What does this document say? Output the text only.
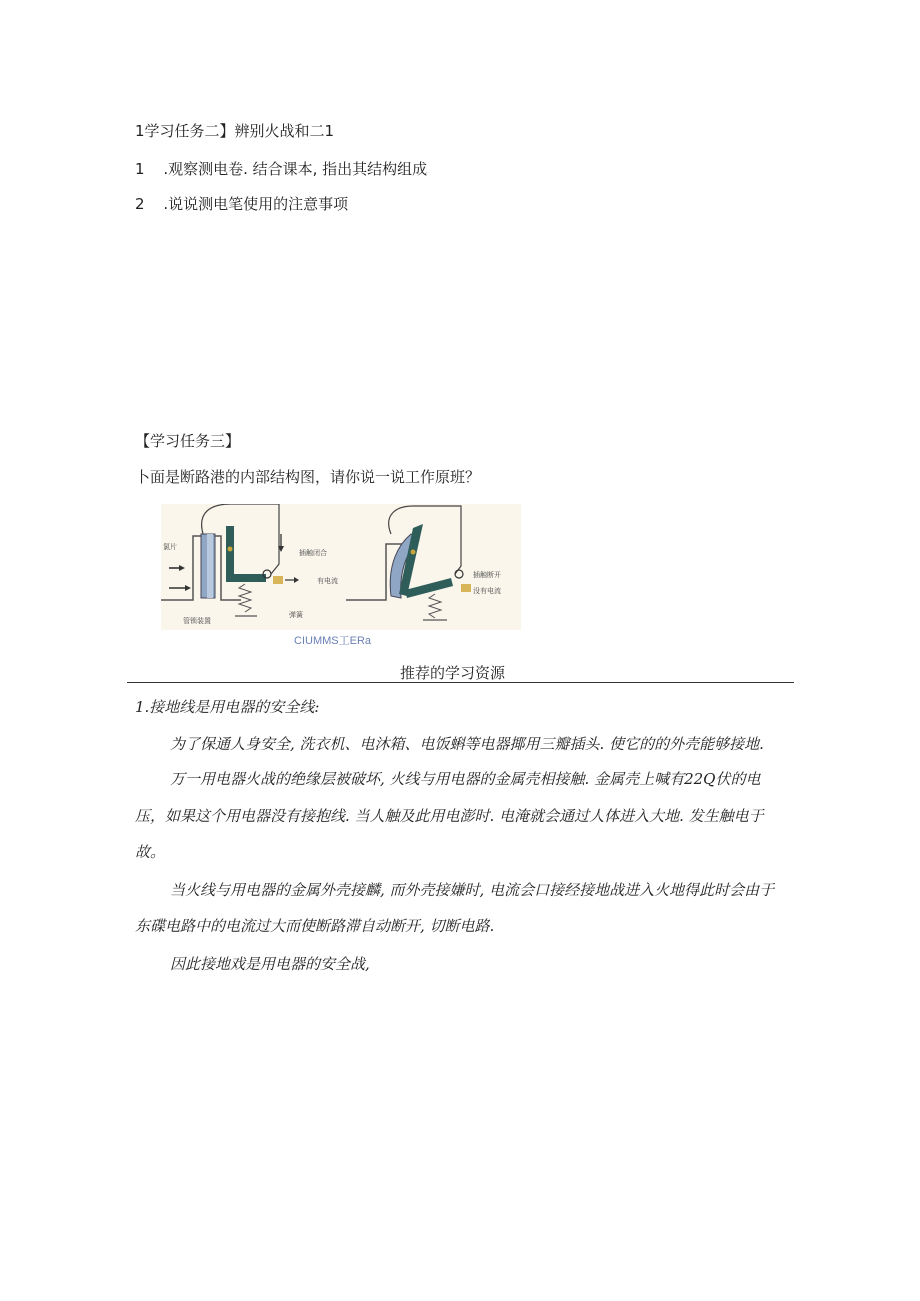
1学习任务二】辨别火战和二1
1 .观察测电卷. 结合课本, 指出其结构组成
2 .说说测电笔使用的注意事项
【学习任务三】
卜面是断路港的内部结构图，请你说一说工作原班？
氯片
插触闭合
有电流
弹簧
管锁装置
插触断开
没有电流
CIUMMS工ERa
推荐的学习资源
1.接地线是用电器的安全线:
为了保通人身安全, 洗衣机、电沐箱、电饭蝌等电器揶用三瓣插头. 使它的的外壳能够接地.
万一用电器火战的绝缘层被破坏, 火线与用电器的金属壳相接触. 金属壳上喊有22Q伏的电
压，如果这个用电器没有接抱线. 当人触及此用电澎时. 电淹就会通过人体进入大地. 发生触电于
故。
当火线与用电器的金属外壳接麟, 而外壳接嫌时, 电流会口接经接地战进入火地得此时会由于
东碟电路中的电流过大而使断路滞自动断开, 切断电路.
因此接地戏是用电器的安全战,
